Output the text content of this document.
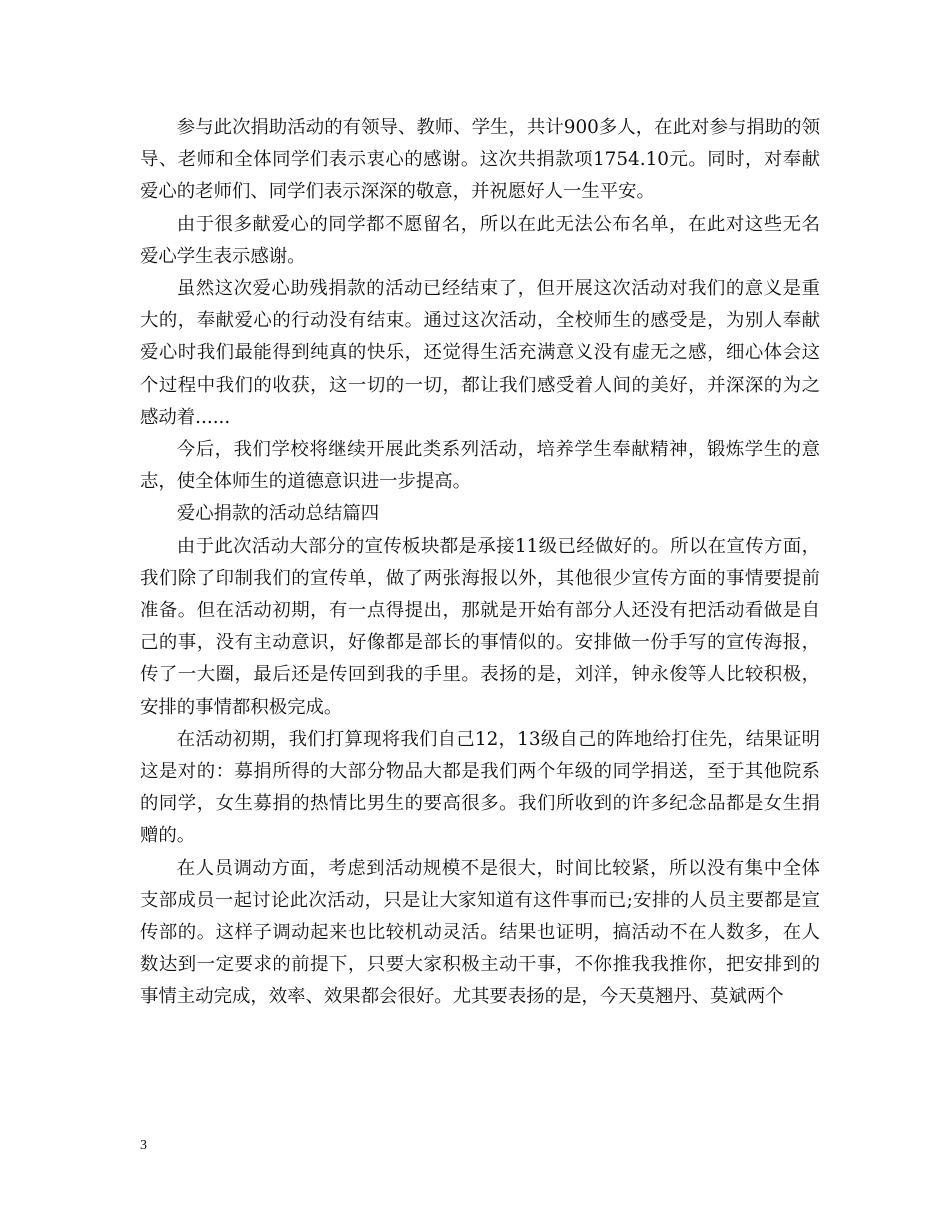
参与此次捐助活动的有领导、教师、学生，共计900多人，在此对参与捐助的领导、老师和全体同学们表示衷心的感谢。这次共捐款项1754.10元。同时，对奉献爱心的老师们、同学们表示深深的敬意，并祝愿好人一生平安。

由于很多献爱心的同学都不愿留名，所以在此无法公布名单，在此对这些无名爱心学生表示感谢。

虽然这次爱心助残捐款的活动已经结束了，但开展这次活动对我们的意义是重大的，奉献爱心的行动没有结束。通过这次活动，全校师生的感受是，为别人奉献爱心时我们最能得到纯真的快乐，还觉得生活充满意义没有虚无之感，细心体会这个过程中我们的收获，这一切的一切，都让我们感受着人间的美好，并深深的为之感动着......

今后，我们学校将继续开展此类系列活动，培养学生奉献精神，锻炼学生的意志，使全体师生的道德意识进一步提高。

爱心捐款的活动总结篇四

由于此次活动大部分的宣传板块都是承接11级已经做好的。所以在宣传方面，我们除了印制我们的宣传单，做了两张海报以外，其他很少宣传方面的事情要提前准备。但在活动初期，有一点得提出，那就是开始有部分人还没有把活动看做是自己的事，没有主动意识，好像都是部长的事情似的。安排做一份手写的宣传海报，传了一大圈，最后还是传回到我的手里。表扬的是，刘洋，钟永俊等人比较积极，安排的事情都积极完成。

在活动初期，我们打算现将我们自己12，13级自己的阵地给打住先，结果证明这是对的：募捐所得的大部分物品大都是我们两个年级的同学捐送，至于其他院系的同学，女生募捐的热情比男生的要高很多。我们所收到的许多纪念品都是女生捐赠的。

在人员调动方面，考虑到活动规模不是很大，时间比较紧，所以没有集中全体支部成员一起讨论此次活动，只是让大家知道有这件事而已;安排的人员主要都是宣传部的。这样子调动起来也比较机动灵活。结果也证明，搞活动不在人数多，在人数达到一定要求的前提下，只要大家积极主动干事，不你推我我推你，把安排到的事情主动完成，效率、效果都会很好。尤其要表扬的是，今天莫翘丹、莫斌两个

3
